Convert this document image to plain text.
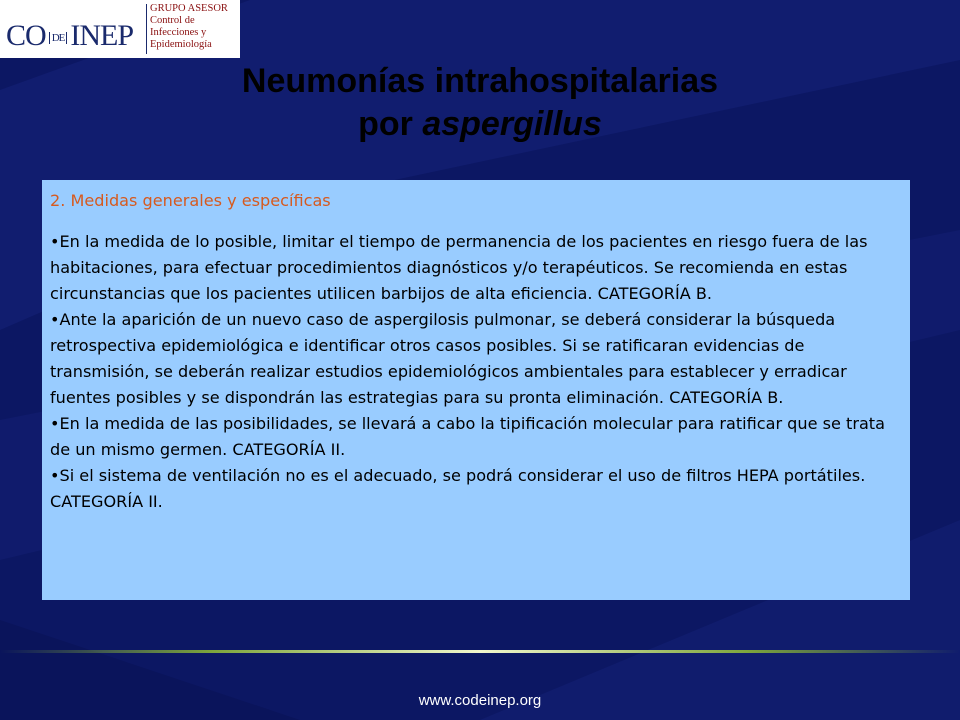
CO DE INEP
GRUPO ASESOR
Control de
Infecciones y
Epidemiología
Neumonías intrahospitalarias
por aspergillus
2. Medidas generales y específicas

•En la medida de lo posible, limitar el tiempo de permanencia de los pacientes en riesgo fuera de las habitaciones, para efectuar procedimientos diagnósticos y/o terapéuticos. Se recomienda en estas circunstancias que los pacientes utilicen barbijos de alta eficiencia. CATEGORÍA B.

•Ante la aparición de un nuevo caso de aspergilosis pulmonar, se deberá considerar la búsqueda retrospectiva epidemiológica e identificar otros casos posibles. Si se ratificaran evidencias de transmisión, se deberán realizar estudios epidemiológicos ambientales para establecer y erradicar fuentes posibles y se dispondrán las estrategias para su pronta eliminación. CATEGORÍA B.

•En la medida de las posibilidades, se llevará a cabo la tipificación molecular para ratificar que se trata de un mismo germen. CATEGORÍA II.

•Si el sistema de ventilación no es el adecuado, se podrá considerar el uso de filtros HEPA portátiles. CATEGORÍA II.

www.codeinep.org
